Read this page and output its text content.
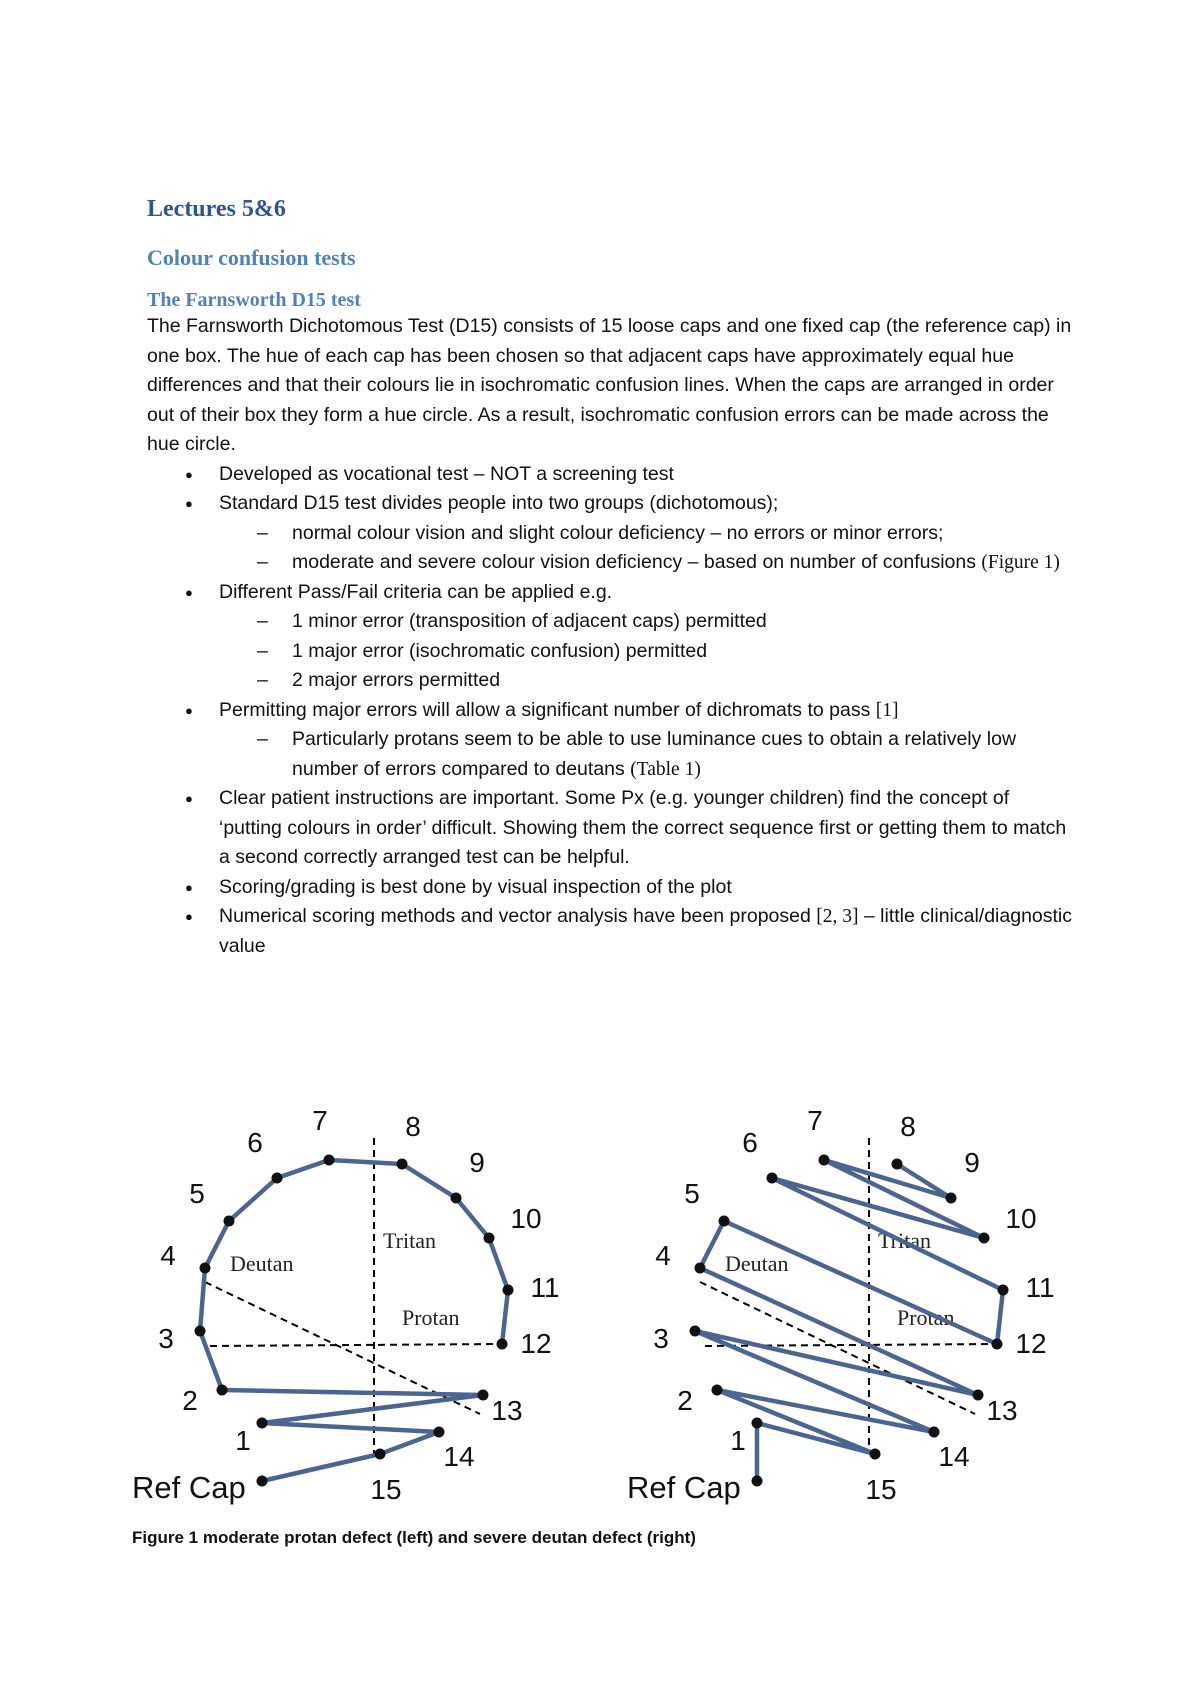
Lectures 5&6
Colour confusion tests
The Farnsworth D15 test

The Farnsworth Dichotomous Test (D15) consists of 15 loose caps and one fixed cap (the reference cap) in one box. The hue of each cap has been chosen so that adjacent caps have approximately equal hue differences and that their colours lie in isochromatic confusion lines. When the caps are arranged in order out of their box they form a hue circle. As a result, isochromatic confusion errors can be made across the hue circle.

● Developed as vocational test – NOT a screening test
● Standard D15 test divides people into two groups (dichotomous);
– normal colour vision and slight colour deficiency – no errors or minor errors;
– moderate and severe colour vision deficiency – based on number of confusions (Figure 1)
● Different Pass/Fail criteria can be applied e.g.
– 1 minor error (transposition of adjacent caps) permitted
– 1 major error (isochromatic confusion) permitted
– 2 major errors permitted
● Permitting major errors will allow a significant number of dichromats to pass [1]
– Particularly protans seem to be able to use luminance cues to obtain a relatively low number of errors compared to deutans (Table 1)
● Clear patient instructions are important. Some Px (e.g. younger children) find the concept of ‘putting colours in order’ difficult. Showing them the correct sequence first or getting them to match a second correctly arranged test can be helpful.
● Scoring/grading is best done by visual inspection of the plot
● Numerical scoring methods and vector analysis have been proposed [2, 3] – little clinical/diagnostic value
Deutan
Tritan
Protan
Ref Cap
1
2
3
4
5
6
7	8
9
10
11
12
13
14
15
Deutan
Tritan
Protan
Ref Cap
1
2
3
4
5
6
7	8
9
10
11
12
13
14
15
Figure 1 moderate protan defect (left) and severe deutan defect (right)
